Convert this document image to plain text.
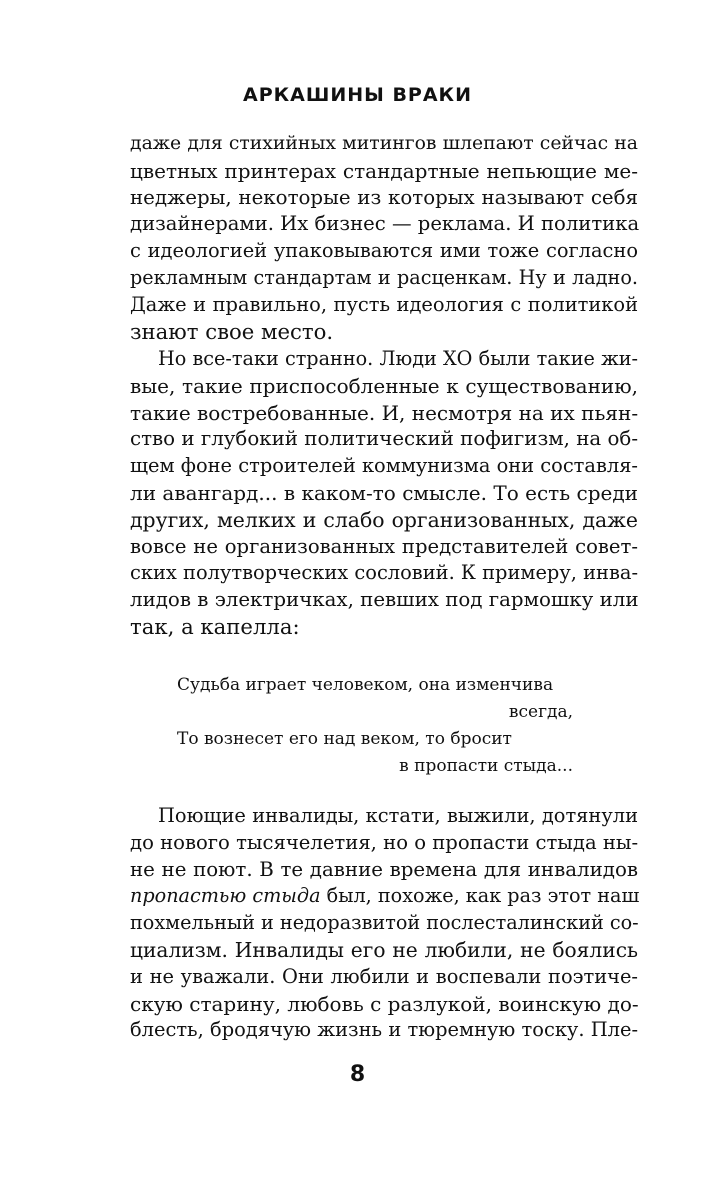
АРКАШИНЫ ВРАКИ
даже для стихийных митингов шлепают сейчас на
цветных принтерах стандартные непьющие ме-
неджеры, некоторые из которых называют себя
дизайнерами. Их бизнес — реклама. И политика
с идеологией упаковываются ими тоже согласно
рекламным стандартам и расценкам. Ну и ладно.
Даже и правильно, пусть идеология с политикой
знают свое место.
Но все-таки странно. Люди ХО были такие жи-
вые, такие приспособленные к существованию,
такие востребованные. И, несмотря на их пьян-
ство и глубокий политический пофигизм, на об-
щем фоне строителей коммунизма они составля-
ли авангард... в каком-то смысле. То есть среди
других, мелких и слабо организованных, даже
вовсе не организованных представителей совет-
ских полутворческих сословий. К примеру, инва-
лидов в электричках, певших под гармошку или
так, а капелла:
Судьба играет человеком, она изменчива
всегда,
То вознесет его над веком, то бросит
в пропасти стыда...
Поющие инвалиды, кстати, выжили, дотянули
до нового тысячелетия, но о пропасти стыда ны-
не не поют. В те давние времена для инвалидов
пропастью стыда был, похоже, как раз этот наш
похмельный и недоразвитой послесталинский со-
циализм. Инвалиды его не любили, не боялись
и не уважали. Они любили и воспевали поэтиче-
скую старину, любовь с разлукой, воинскую до-
блесть, бродячую жизнь и тюремную тоску. Пле-
8
